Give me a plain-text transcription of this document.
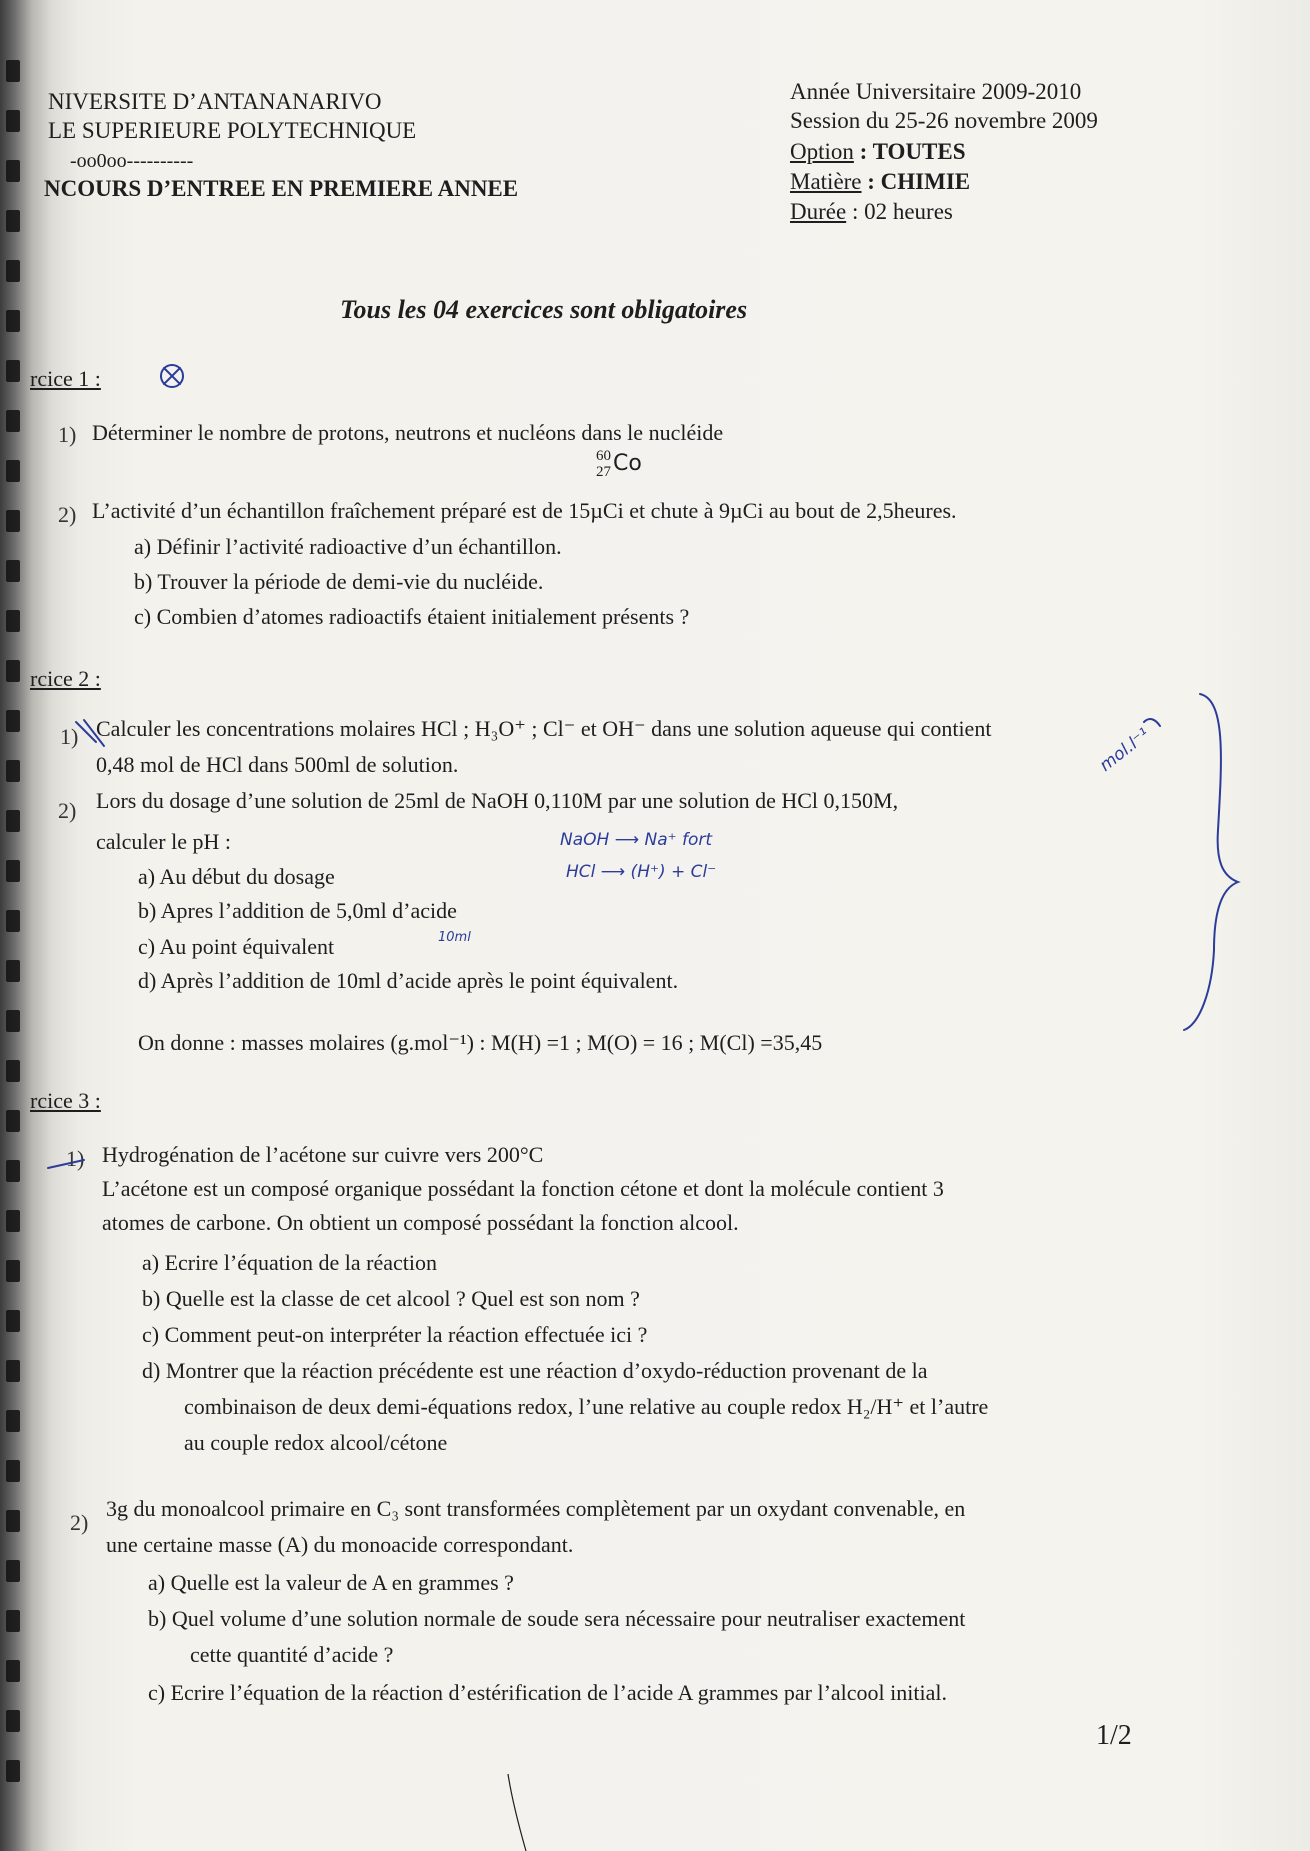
NIVERSITE D’ANTANANARIVO
LE SUPERIEURE POLYTECHNIQUE
-oo0oo----------
NCOURS D’ENTREE EN PREMIERE ANNEE
Année Universitaire 2009-2010
Session du 25-26 novembre 2009
Option : TOUTES
Matière : CHIMIE
Durée : 02 heures
Tous les 04 exercices sont obligatoires
rcice 1 :
1) Déterminer le nombre de protons, neutrons et nucléons dans le nucléide
60
27 Co
2) L’activité d’un échantillon fraîchement préparé est de 15µCi et chute à 9µCi au bout de 2,5heures.
a) Définir l’activité radioactive d’un échantillon.
b) Trouver la période de demi-vie du nucléide.
c) Combien d’atomes radioactifs étaient initialement présents ?
rcice 2 :
1) Calculer les concentrations molaires HCl ; H₃O⁺ ; Cl⁻ et OH⁻ dans une solution aqueuse qui contient
0,48 mol de HCl dans 500ml de solution.
2) Lors du dosage d’une solution de 25ml de NaOH 0,110M par une solution de HCl 0,150M,
calculer le pH :
a) Au début du dosage
b) Apres l’addition de 5,0ml d’acide
c) Au point équivalent
d) Après l’addition de 10ml d’acide après le point équivalent.
On donne : masses molaires (g.mol⁻¹) : M(H) =1 ; M(O) = 16 ; M(Cl) =35,45
rcice 3 :
1) Hydrogénation de l’acétone sur cuivre vers 200°C
L’acétone est un composé organique possédant la fonction cétone et dont la molécule contient 3
atomes de carbone. On obtient un composé possédant la fonction alcool.
a) Ecrire l’équation de la réaction
b) Quelle est la classe de cet alcool ? Quel est son nom ?
c) Comment peut-on interpréter la réaction effectuée ici ?
d) Montrer que la réaction précédente est une réaction d’oxydo-réduction provenant de la
combinaison de deux demi-équations redox, l’une relative au couple redox H₂/H⁺ et l’autre
au couple redox alcool/cétone
2)
3g du monoalcool primaire en C₃ sont transformées complètement par un oxydant convenable, en
une certaine masse (A) du monoacide correspondant.
a) Quelle est la valeur de A en grammes ?
b) Quel volume d’une solution normale de soude sera nécessaire pour neutraliser exactement
cette quantité d’acide ?
c) Ecrire l’équation de la réaction d’estérification de l’acide A grammes par l’alcool initial.
1/2
NaOH ⟶ Na⁺ fort
HCl ⟶ (H⁺) + Cl⁻
mol.l⁻¹
10ml
